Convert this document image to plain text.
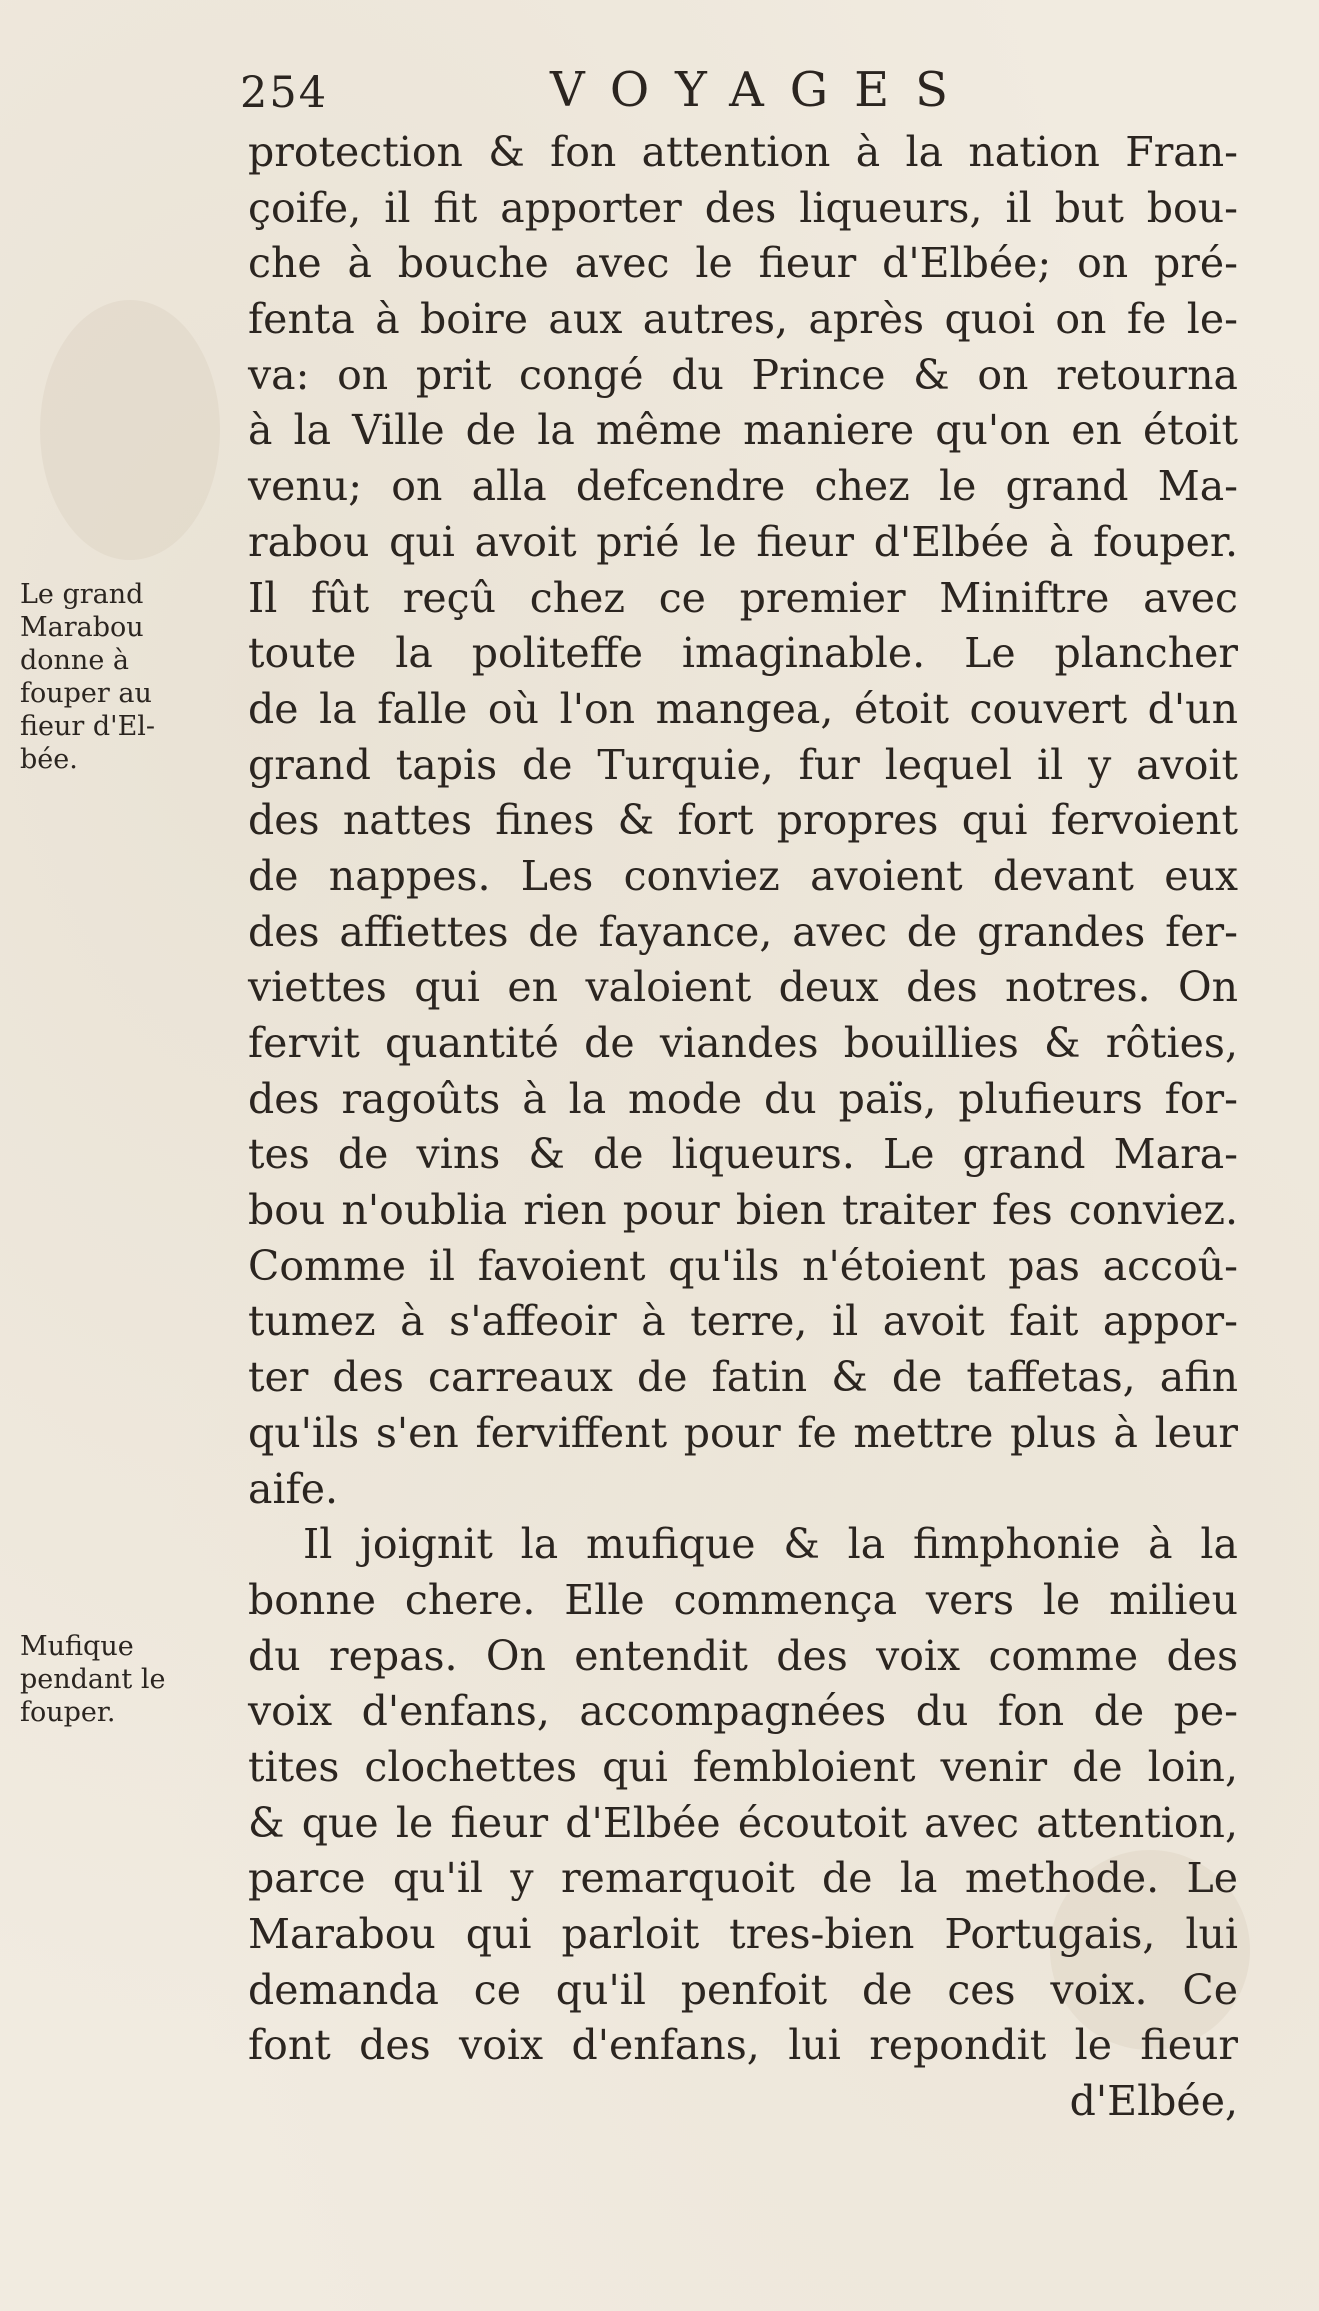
254	VOYAGES
Le grand
Marabou
donne à
fouper au
fieur d'El-
bée.
Mufique
pendant le
fouper.
protection & fon attention à la nation Fran-
çoife, il fit apporter des liqueurs, il but bou-
che à bouche avec le fieur d'Elbée; on pré-
fenta à boire aux autres, après quoi on fe le-
va: on prit congé du Prince & on retourna
à la Ville de la même maniere qu'on en étoit
venu; on alla defcendre chez le grand Ma-
rabou qui avoit prié le fieur d'Elbée à fouper.
Il fût reçû chez ce premier Miniftre avec
toute la politeffe imaginable. Le plancher
de la falle où l'on mangea, étoit couvert d'un
grand tapis de Turquie, fur lequel il y avoit
des nattes fines & fort propres qui fervoient
de nappes. Les conviez avoient devant eux
des affiettes de fayance, avec de grandes fer-
viettes qui en valoient deux des notres. On
fervit quantité de viandes bouillies & rôties,
des ragoûts à la mode du païs, plufieurs for-
tes de vins & de liqueurs. Le grand Mara-
bou n'oublia rien pour bien traiter fes conviez.
Comme il favoient qu'ils n'étoient pas accoû-
tumez à s'affeoir à terre, il avoit fait appor-
ter des carreaux de fatin & de taffetas, afin
qu'ils s'en ferviffent pour fe mettre plus à leur
aife.
Il joignit la mufique & la fimphonie à la
bonne chere. Elle commença vers le milieu
du repas. On entendit des voix comme des
voix d'enfans, accompagnées du fon de pe-
tites clochettes qui fembloient venir de loin,
& que le fieur d'Elbée écoutoit avec attention,
parce qu'il y remarquoit de la methode. Le
Marabou qui parloit tres-bien Portugais, lui
demanda ce qu'il penfoit de ces voix. Ce
font des voix d'enfans, lui repondit le fieur
d'Elbée,
